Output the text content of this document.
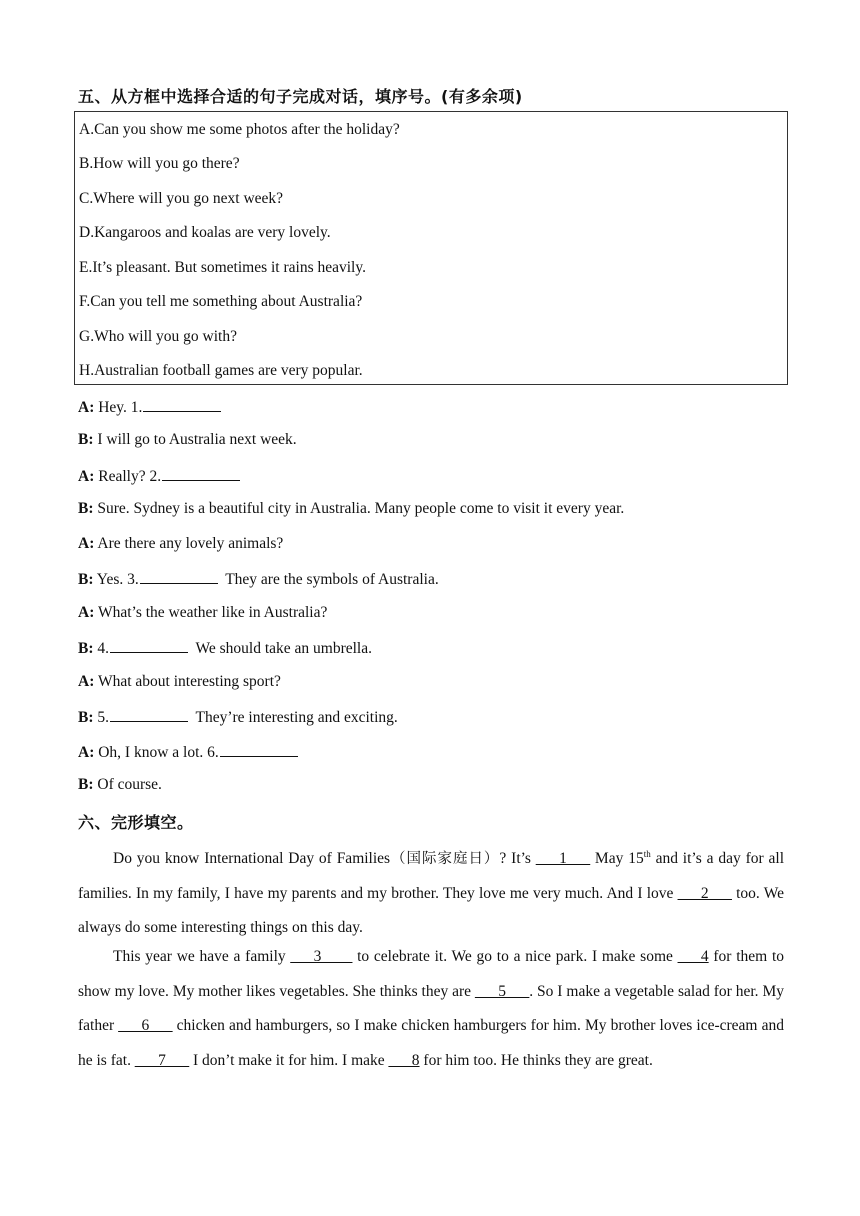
五、从方框中选择合适的句子完成对话，填序号。(有多余项)
A.Can you show me some photos after the holiday?
B.How will you go there?
C.Where will you go next week?
D.Kangaroos and koalas are very lovely.
E.It’s pleasant. But sometimes it rains heavily.
F.Can you tell me something about Australia?
G.Who will you go with?
H.Australian football games are very popular.
A: Hey. 1.
B: I will go to Australia next week.
A: Really? 2.
B: Sure. Sydney is a beautiful city in Australia. Many people come to visit it every year.
A: Are there any lovely animals?
B: Yes. 3.	They are the symbols of Australia.
A: What’s the weather like in Australia?
B: 4.	We should take an umbrella.
A: What about interesting sport?
B: 5.	They’re interesting and exciting.
A: Oh, I know a lot. 6.
B: Of course.
六、完形填空。
Do you know International Day of Families（国际家庭日）? It’s ___1___ May 15th and it’s a day for all families. In my family, I have my parents and my brother. They love me very much. And I love ___2___ too. We always do some interesting things on this day.
This year we have a family ___3____ to celebrate it. We go to a nice park. I make some ___4 for them to show my love. My mother likes vegetables. She thinks they are ___5___. So I make a vegetable salad for her. My father ___6___ chicken and hamburgers, so I make chicken hamburgers for him. My brother loves ice-cream and he is fat. ___7___ I don’t make it for him. I make ___8 for him too. He thinks they are great.
